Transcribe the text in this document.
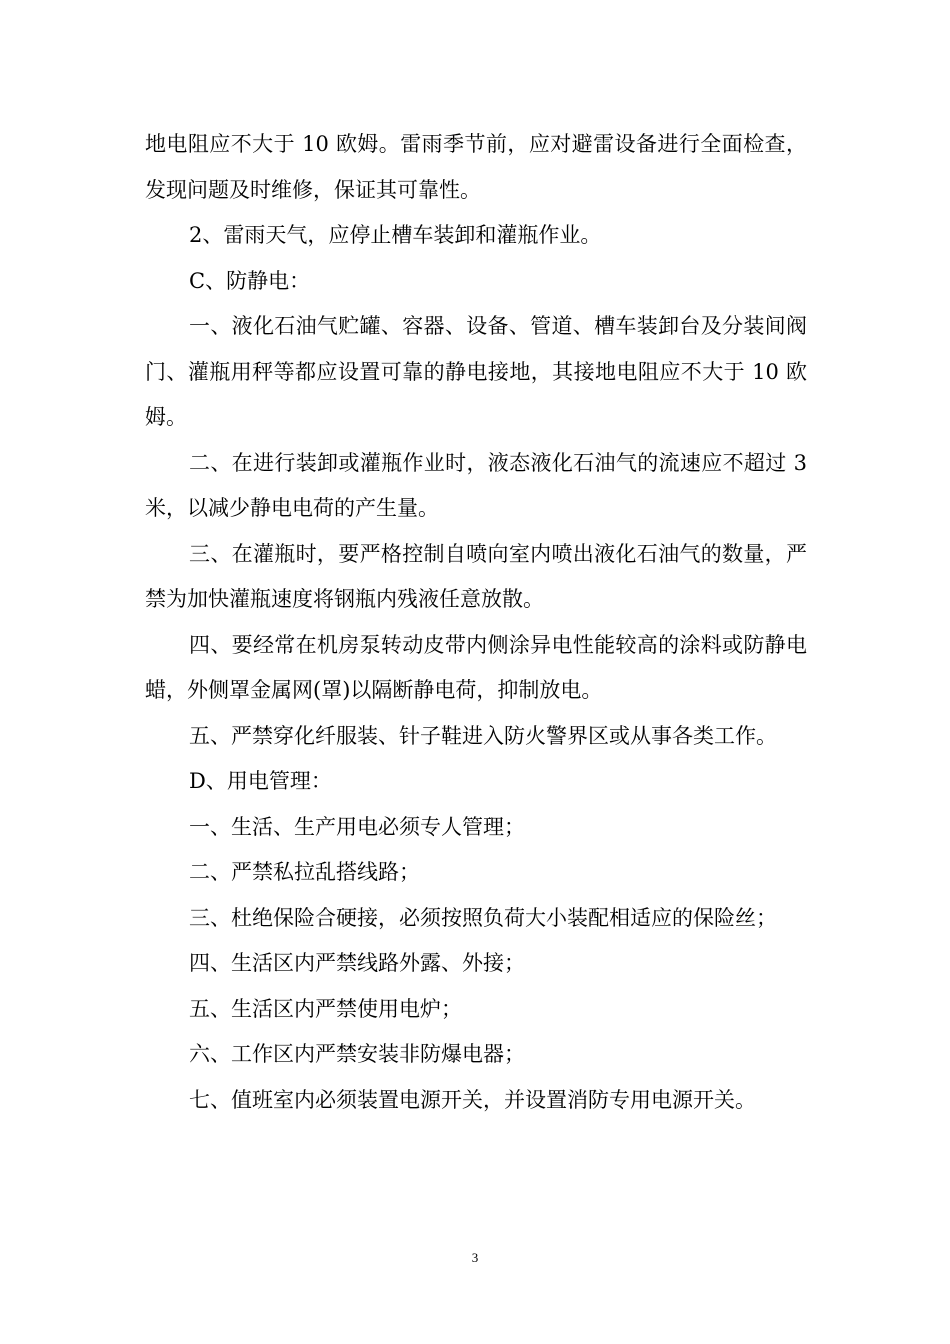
地电阻应不大于 10 欧姆。雷雨季节前，应对避雷设备进行全面检查，发现问题及时维修，保证其可靠性。

2、雷雨天气，应停止槽车装卸和灌瓶作业。

C、防静电：

一、液化石油气贮罐、容器、设备、管道、槽车装卸台及分装间阀门、灌瓶用秤等都应设置可靠的静电接地，其接地电阻应不大于 10 欧姆。

二、在进行装卸或灌瓶作业时，液态液化石油气的流速应不超过 3 米，以减少静电电荷的产生量。

三、在灌瓶时，要严格控制自喷向室内喷出液化石油气的数量，严禁为加快灌瓶速度将钢瓶内残液任意放散。

四、要经常在机房泵转动皮带内侧涂异电性能较高的涂料或防静电蜡，外侧罩金属网(罩)以隔断静电荷，抑制放电。

五、严禁穿化纤服装、针子鞋进入防火警界区或从事各类工作。

D、用电管理：

一、生活、生产用电必须专人管理；

二、严禁私拉乱搭线路；

三、杜绝保险合硬接，必须按照负荷大小装配相适应的保险丝；

四、生活区内严禁线路外露、外接；

五、生活区内严禁使用电炉；

六、工作区内严禁安装非防爆电器；

七、值班室内必须装置电源开关，并设置消防专用电源开关。

3
